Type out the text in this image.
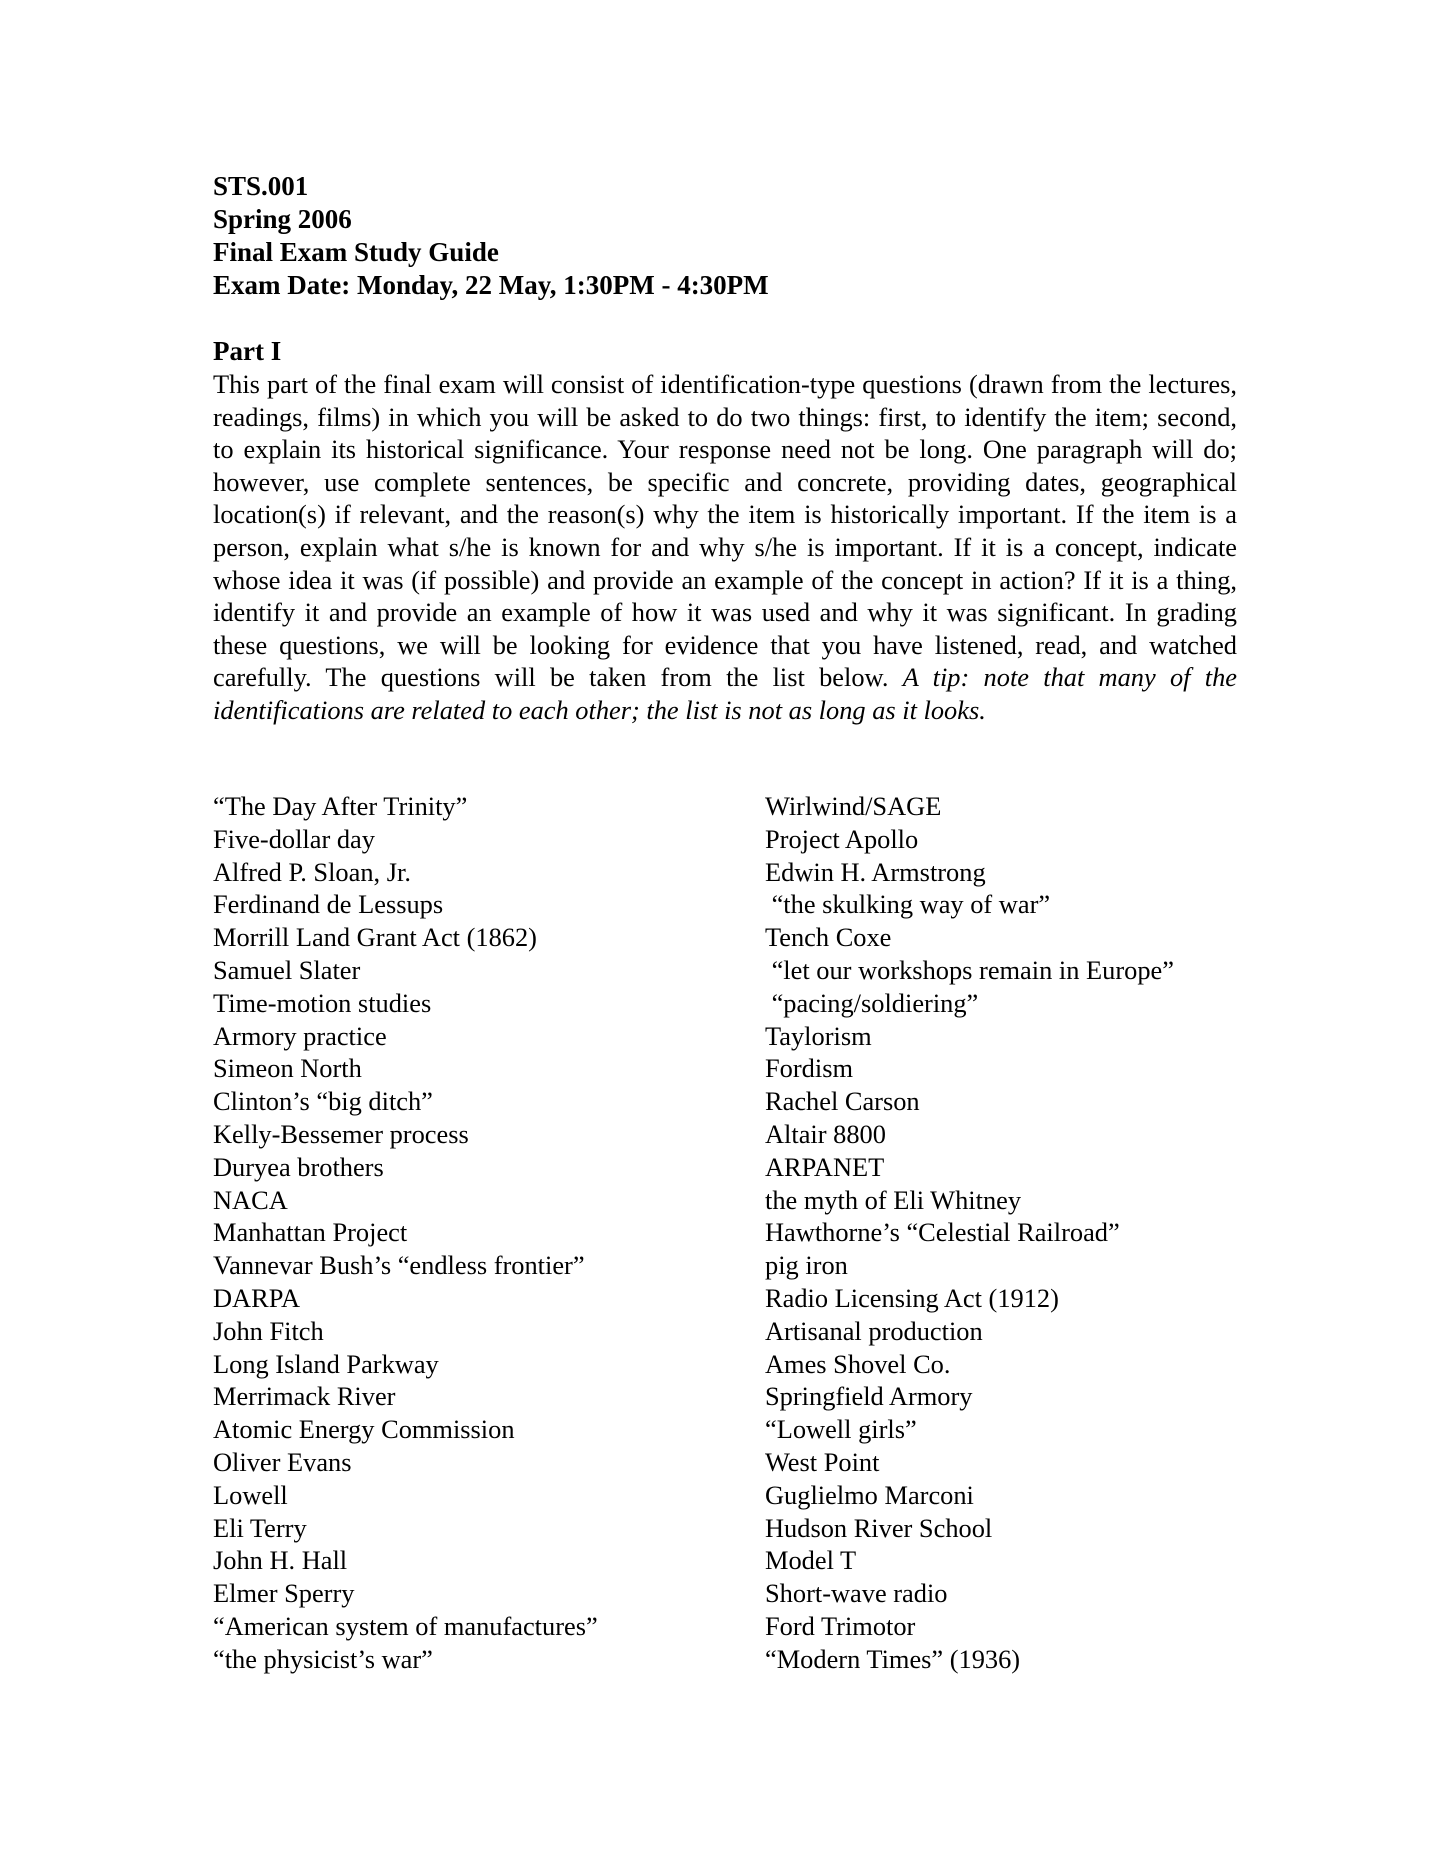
STS.001
Spring 2006
Final Exam Study Guide
Exam Date: Monday, 22 May, 1:30PM - 4:30PM
Part I

This part of the final exam will consist of identification-type questions (drawn from the lectures, readings, films) in which you will be asked to do two things: first, to identify the item; second, to explain its historical significance. Your response need not be long. One paragraph will do; however, use complete sentences, be specific and concrete, providing dates, geographical location(s) if relevant, and the reason(s) why the item is historically important. If the item is a person, explain what s/he is known for and why s/he is important. If it is a concept, indicate whose idea it was (if possible) and provide an example of the concept in action? If it is a thing, identify it and provide an example of how it was used and why it was significant. In grading these questions, we will be looking for evidence that you have listened, read, and watched carefully. The questions will be taken from the list below. A tip: note that many of the identifications are related to each other; the list is not as long as it looks.

“The Day After Trinity”
Five-dollar day
Alfred P. Sloan, Jr.
Ferdinand de Lessups
Morrill Land Grant Act (1862)
Samuel Slater
Time-motion studies
Armory practice
Simeon North
Clinton’s “big ditch”
Kelly-Bessemer process
Duryea brothers
NACA
Manhattan Project
Vannevar Bush’s “endless frontier”
DARPA
John Fitch
Long Island Parkway
Merrimack River
Atomic Energy Commission
Oliver Evans
Lowell
Eli Terry
John H. Hall
Elmer Sperry
“American system of manufactures”
“the physicist’s war”
Wirlwind/SAGE
Project Apollo
Edwin H. Armstrong
“the skulking way of war”
Tench Coxe
“let our workshops remain in Europe”
“pacing/soldiering”
Taylorism
Fordism
Rachel Carson
Altair 8800
ARPANET
the myth of Eli Whitney
Hawthorne’s “Celestial Railroad”
pig iron
Radio Licensing Act (1912)
Artisanal production
Ames Shovel Co.
Springfield Armory
“Lowell girls”
West Point
Guglielmo Marconi
Hudson River School
Model T
Short-wave radio
Ford Trimotor
“Modern Times” (1936)
